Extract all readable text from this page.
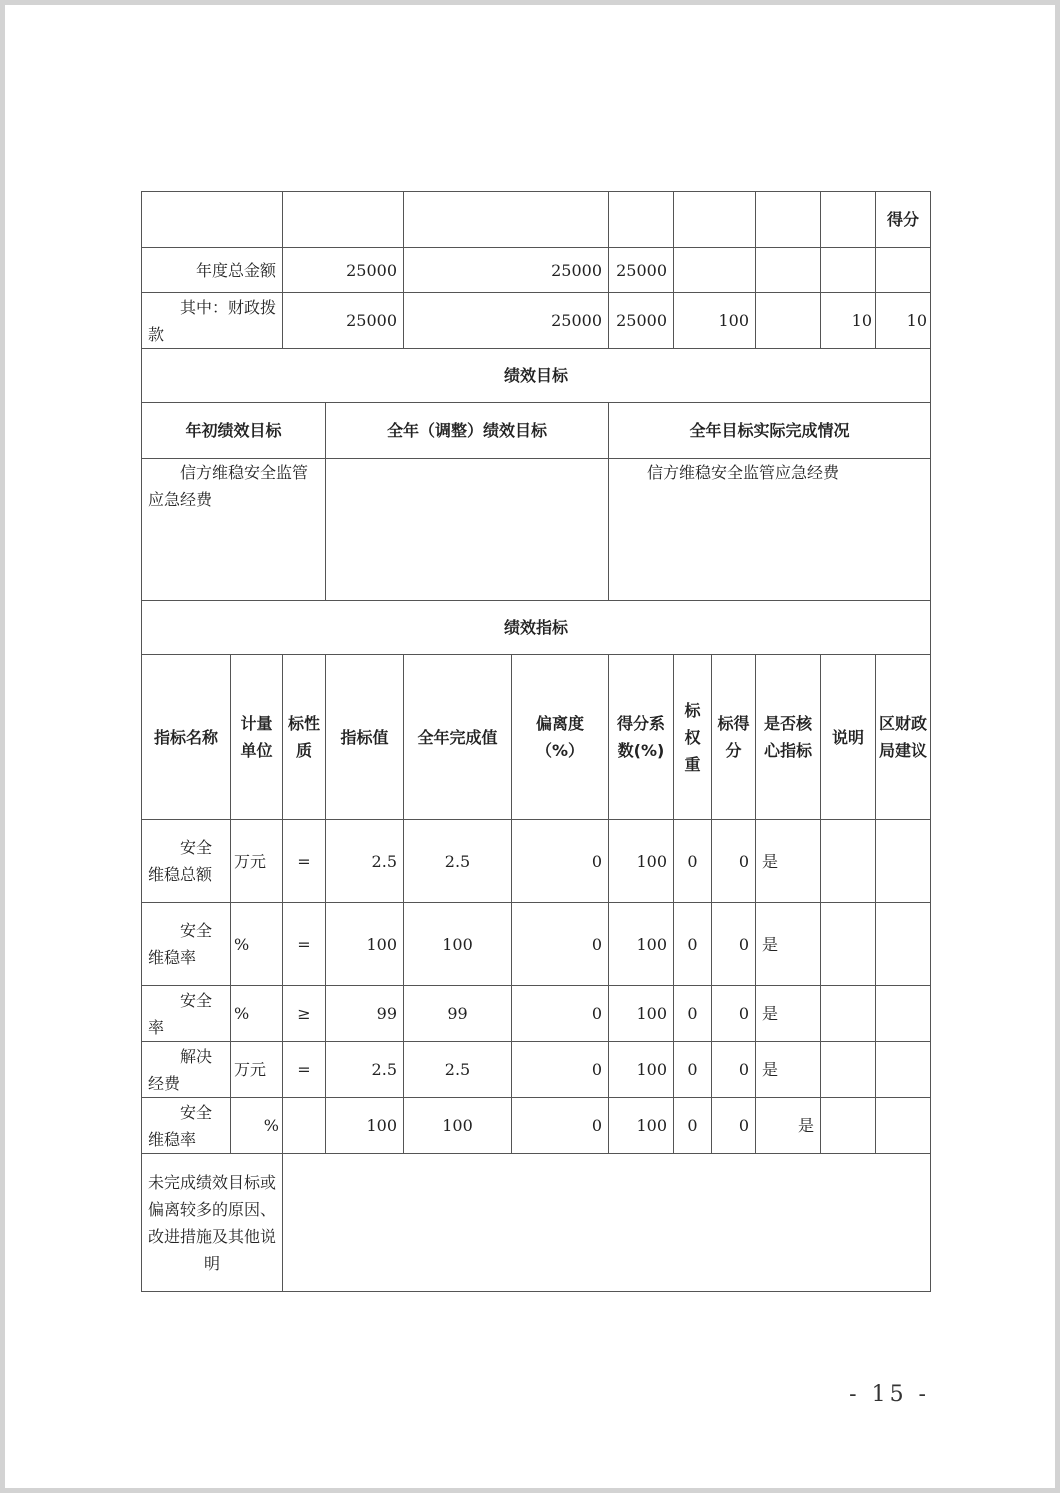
											得分
年度总金额		25000		25000		25000					
其中：财政拨款		25000		25000		25000	100			10	10
绩效目标											
年初绩效目标			全年（调整）绩效目标			全年目标实际完成情况					
信方维稳安全监管应急经费						信方维稳安全监管应急经费					
绩效指标											
指标名称	计量单位	标性质	指标值	全年完成值	偏离度（%）	得分系数(%)	标权重	标得分	是否核心指标	说明	区财政局建议
安全维稳总额	万元	=	2.5	2.5	0	100	0	0	是		
安全维稳率	%	=	100	100	0	100	0	0	是		
安全率	%	≥	99	99	0	100	0	0	是		
解决经费	万元	=	2.5	2.5	0	100	0	0	是		
安全维稳率	%		100	100	0	100	0	0	是		
未完成绩效目标或偏离较多的原因、改进措施及其他说明											
- 15 -
